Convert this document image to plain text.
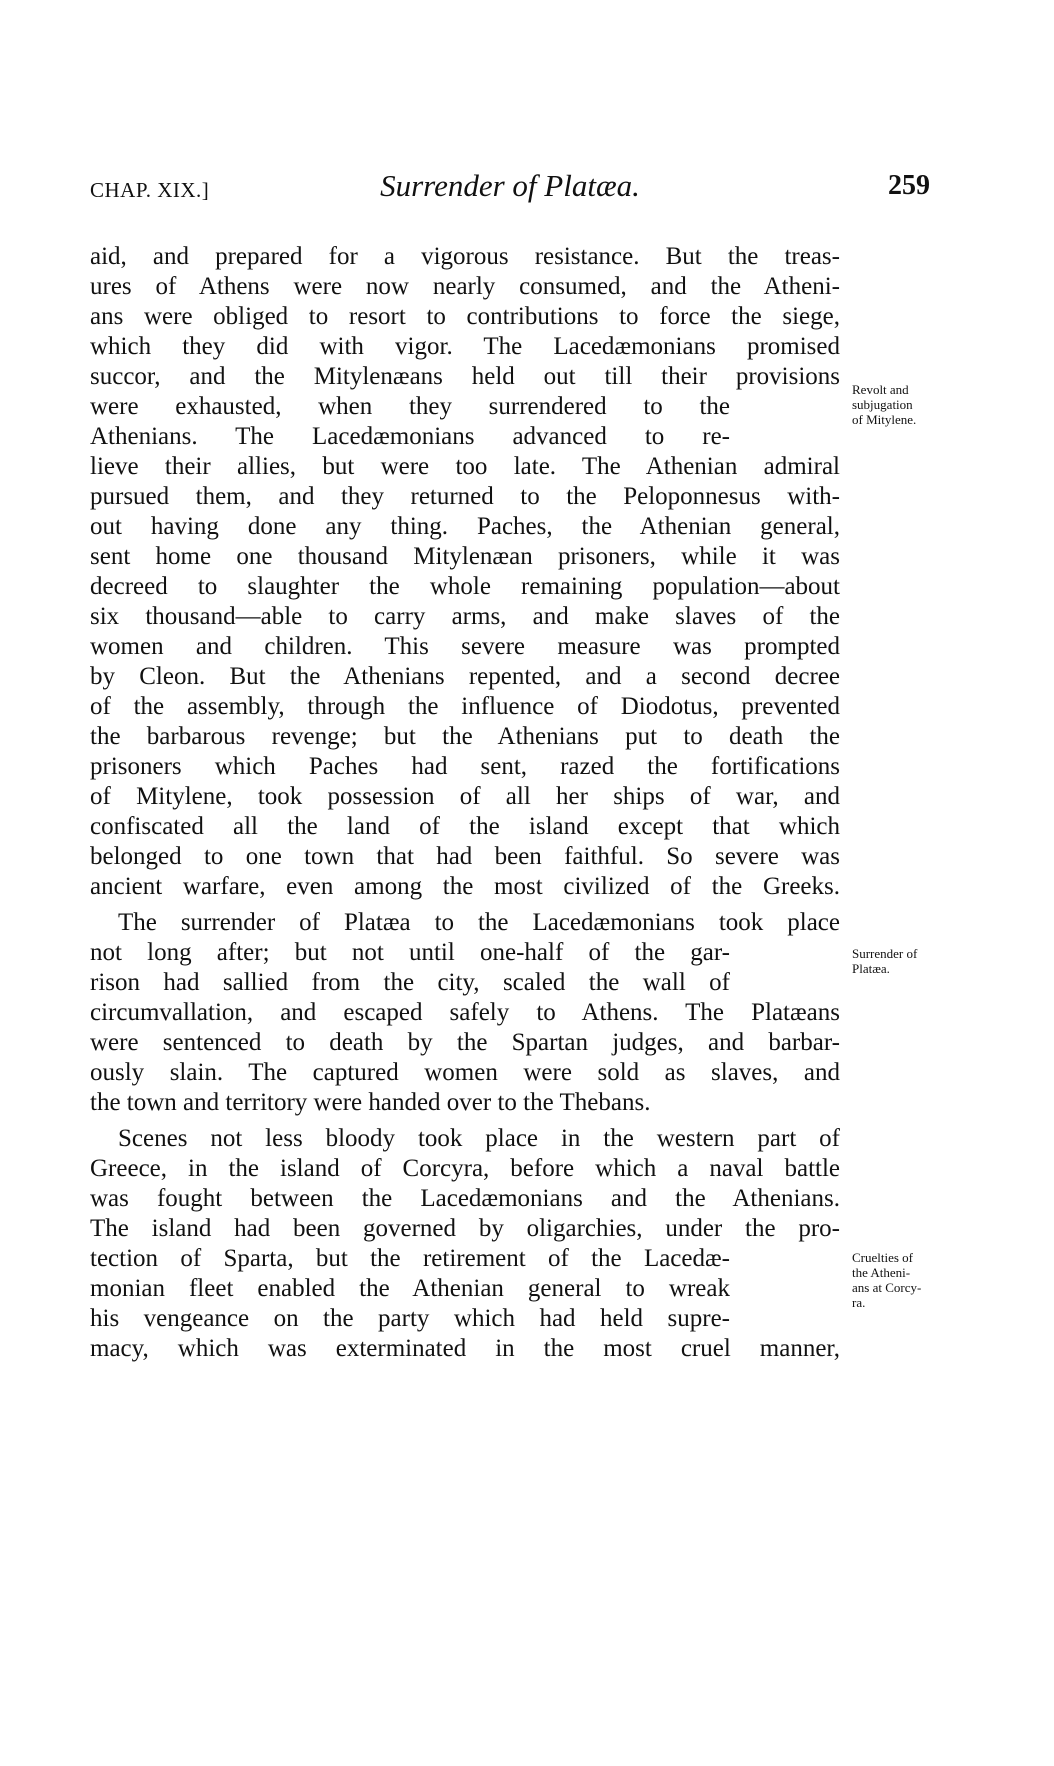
CHAP. XIX.]	Surrender of Platæa.	259
aid, and prepared for a vigorous resistance. But the treas-
ures of Athens were now nearly consumed, and the Atheni-
ans were obliged to resort to contributions to force the siege,
which they did with vigor. The Lacedæmonians promised
succor, and the Mitylenæans held out till their provisions
were exhausted, when they surrendered to the
Athenians. The Lacedæmonians advanced to re-
lieve their allies, but were too late. The Athenian admiral
pursued them, and they returned to the Peloponnesus with-
out having done any thing. Paches, the Athenian general,
sent home one thousand Mitylenæan prisoners, while it was
decreed to slaughter the whole remaining population—about
six thousand—able to carry arms, and make slaves of the
women and children. This severe measure was prompted
by Cleon. But the Athenians repented, and a second decree
of the assembly, through the influence of Diodotus, prevented
the barbarous revenge; but the Athenians put to death the
prisoners which Paches had sent, razed the fortifications
of Mitylene, took possession of all her ships of war, and
confiscated all the land of the island except that which
belonged to one town that had been faithful. So severe was
ancient warfare, even among the most civilized of the Greeks.
The surrender of Platæa to the Lacedæmonians took place
not long after; but not until one-half of the gar-
rison had sallied from the city, scaled the wall of
circumvallation, and escaped safely to Athens. The Platæans
were sentenced to death by the Spartan judges, and barbar-
ously slain. The captured women were sold as slaves, and
the town and territory were handed over to the Thebans.
Scenes not less bloody took place in the western part of
Greece, in the island of Corcyra, before which a naval battle
was fought between the Lacedæmonians and the Athenians.
The island had been governed by oligarchies, under the pro-
tection of Sparta, but the retirement of the Lacedæ-
monian fleet enabled the Athenian general to wreak
his vengeance on the party which had held supre-
macy, which was exterminated in the most cruel manner,
Revolt and
subjugation
of Mitylene.
Surrender of
Platæa.
Cruelties of
the Atheni-
ans at Corcy-
ra.
